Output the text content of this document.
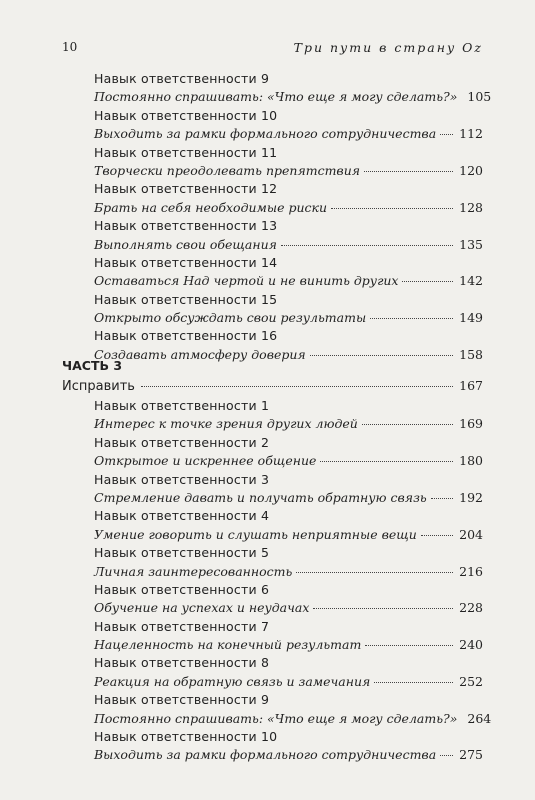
10	Три пути в страну Оz
Навык ответственности 9
Постоянно спрашивать: «Что еще я могу сделать?» 105
Навык ответственности 10
Выходить за рамки формального сотрудничества 112
Навык ответственности 11
Творчески преодолевать препятствия	120
Навык ответственности 12
Брать на себя необходимые риски	128
Навык ответственности 13
Выполнять свои обещания	135
Навык ответственности 14
Оставаться Над чертой и не винить других	142
Навык ответственности 15
Открыто обсуждать свои результаты	149
Навык ответственности 16
Создавать атмосферу доверия	158
ЧАСТЬ 3
Исправить	167
Навык ответственности 1
Интерес к точке зрения других людей	169
Навык ответственности 2
Открытое и искреннее общение	180
Навык ответственности 3
Стремление давать и получать обратную связь	192
Навык ответственности 4
Умение говорить и слушать неприятные вещи	204
Навык ответственности 5
Личная заинтересованность	216
Навык ответственности 6
Обучение на успехах и неудачах	228
Навык ответственности 7
Нацеленность на конечный результат	240
Навык ответственности 8
Реакция на обратную связь и замечания	252
Навык ответственности 9
Постоянно спрашивать: «Что еще я могу сделать?» 264
Навык ответственности 10
Выходить за рамки формального сотрудничества 275
